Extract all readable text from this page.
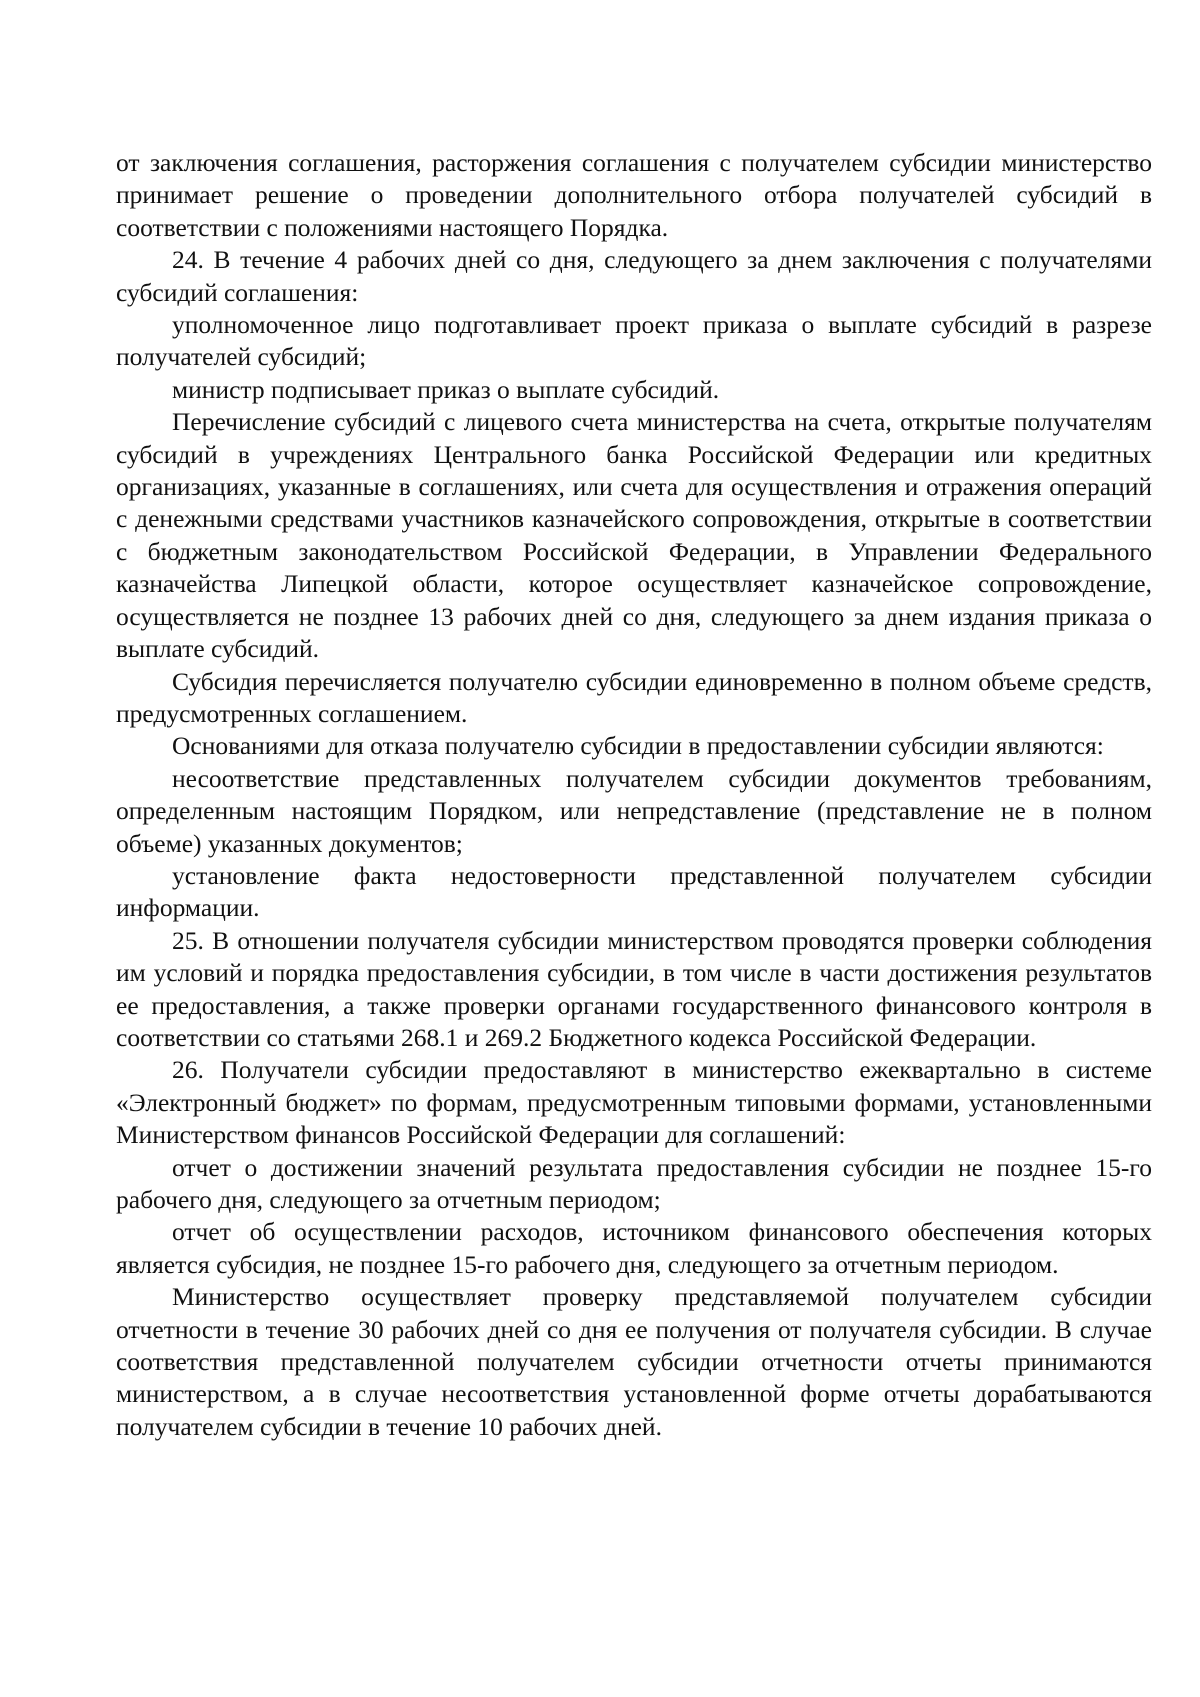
от заключения соглашения, расторжения соглашения с получателем субсидии министерство принимает решение о проведении дополнительного отбора получателей субсидий в соответствии с положениями настоящего Порядка.

24. В течение 4 рабочих дней со дня, следующего за днем заключения с получателями субсидий соглашения:

уполномоченное лицо подготавливает проект приказа о выплате субсидий в разрезе получателей субсидий;

министр подписывает приказ о выплате субсидий.

Перечисление субсидий с лицевого счета министерства на счета, открытые получателям субсидий в учреждениях Центрального банка Российской Федерации или кредитных организациях, указанные в соглашениях, или счета для осуществления и отражения операций с денежными средствами участников казначейского сопровождения, открытые в соответствии с бюджетным законодательством Российской Федерации, в Управлении Федерального казначейства Липецкой области, которое осуществляет казначейское сопровождение, осуществляется не позднее 13 рабочих дней со дня, следующего за днем издания приказа о выплате субсидий.

Субсидия перечисляется получателю субсидии единовременно в полном объеме средств, предусмотренных соглашением.

Основаниями для отказа получателю субсидии в предоставлении субсидии являются:

несоответствие представленных получателем субсидии документов требованиям, определенным настоящим Порядком, или непредставление (представление не в полном объеме) указанных документов;

установление факта недостоверности представленной получателем субсидии информации.

25. В отношении получателя субсидии министерством проводятся проверки соблюдения им условий и порядка предоставления субсидии, в том числе в части достижения результатов ее предоставления, а также проверки органами государственного финансового контроля в соответствии со статьями 268.1 и 269.2 Бюджетного кодекса Российской Федерации.

26. Получатели субсидии предоставляют в министерство ежеквартально в системе «Электронный бюджет» по формам, предусмотренным типовыми формами, установленными Министерством финансов Российской Федерации для соглашений:

отчет о достижении значений результата предоставления субсидии не позднее 15-го рабочего дня, следующего за отчетным периодом;

отчет об осуществлении расходов, источником финансового обеспечения которых является субсидия, не позднее 15-го рабочего дня, следующего за отчетным периодом.

Министерство осуществляет проверку представляемой получателем субсидии отчетности в течение 30 рабочих дней со дня ее получения от получателя субсидии. В случае соответствия представленной получателем субсидии отчетности отчеты принимаются министерством, а в случае несоответствия установленной форме отчеты дорабатываются получателем субсидии в течение 10 рабочих дней.
